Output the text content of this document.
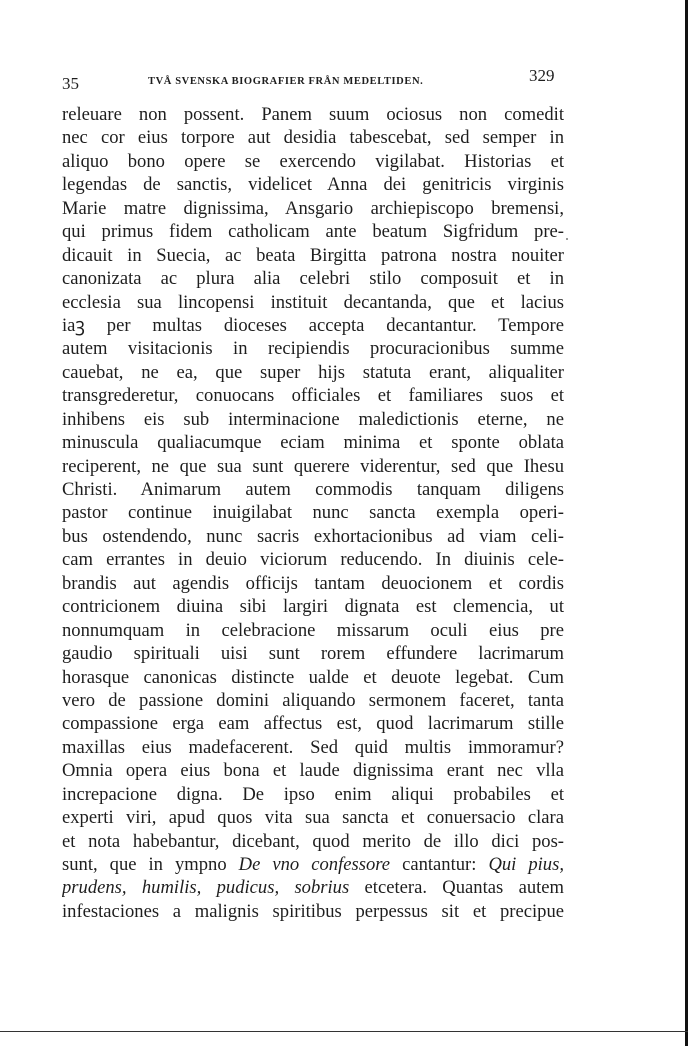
35	TVÅ SVENSKA BIOGRAFIER FRÅN MEDELTIDEN.	329
releuare non possent. Panem suum ociosus non comedit
nec cor eius torpore aut desidia tabescebat, sed semper in
aliquo bono opere se exercendo vigilabat. Historias et
legendas de sanctis, videlicet Anna dei genitricis virginis
Marie matre dignissima, Ansgario archiepiscopo bremensi,
qui primus fidem catholicam ante beatum Sigfridum pre-
dicauit in Suecia, ac beata Birgitta patrona nostra nouiter
canonizata ac plura alia celebri stilo composuit et in
ecclesia sua lincopensi instituit decantanda, que et lacius
iaꝫ per multas dioceses accepta decantantur. Tempore
autem visitacionis in recipiendis procuracionibus summe
cauebat, ne ea, que super hijs statuta erant, aliqualiter
transgrederetur, conuocans officiales et familiares suos et
inhibens eis sub interminacione maledictionis eterne, ne
minuscula qualiacumque eciam minima et sponte oblata
reciperent, ne que sua sunt querere viderentur, sed que Ihesu
Christi. Animarum autem commodis tanquam diligens
pastor continue inuigilabat nunc sancta exempla operi-
bus ostendendo, nunc sacris exhortacionibus ad viam celi-
cam errantes in deuio viciorum reducendo. In diuinis cele-
brandis aut agendis officijs tantam deuocionem et cordis
contricionem diuina sibi largiri dignata est clemencia, ut
nonnumquam in celebracione missarum oculi eius pre
gaudio spirituali uisi sunt rorem effundere lacrimarum
horasque canonicas distincte ualde et deuote legebat. Cum
vero de passione domini aliquando sermonem faceret, tanta
compassione erga eam affectus est, quod lacrimarum stille
maxillas eius madefacerent. Sed quid multis immoramur?
Omnia opera eius bona et laude dignissima erant nec vlla
increpacione digna. De ipso enim aliqui probabiles et
experti viri, apud quos vita sua sancta et conuersacio clara
et nota habebantur, dicebant, quod merito de illo dici pos-
sunt, que in ympno De vno confessore cantantur: Qui pius,
prudens, humilis, pudicus, sobrius etcetera. Quantas autem
infestaciones a malignis spiritibus perpessus sit et precipue
